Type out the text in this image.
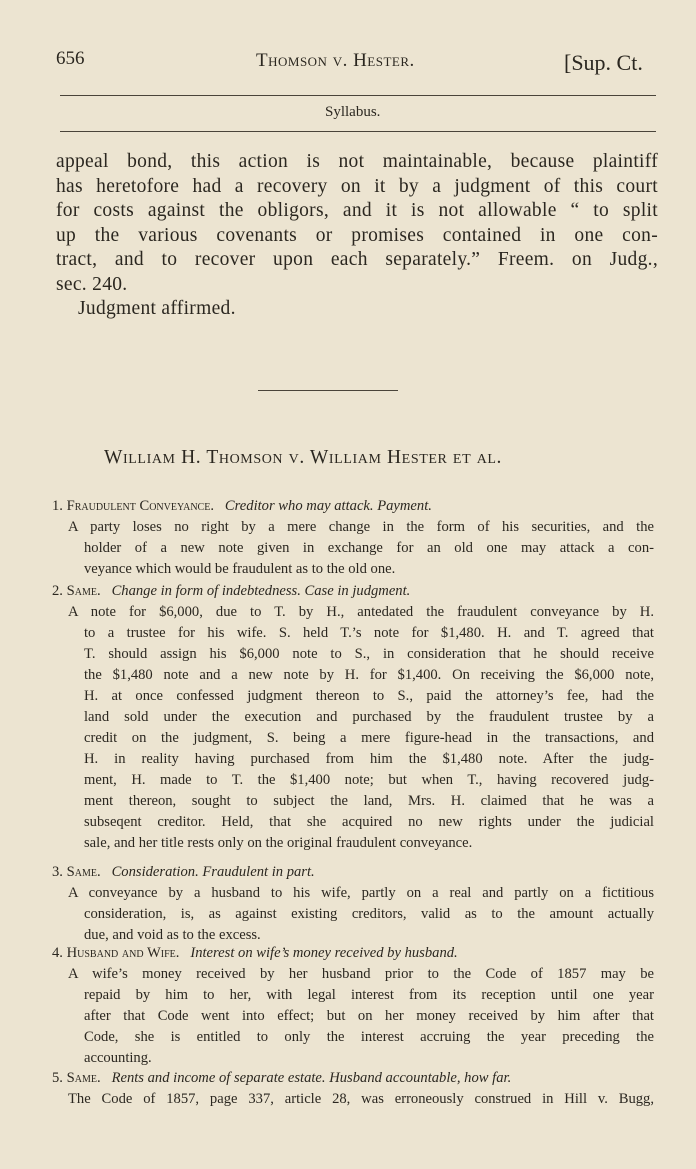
656	Thomson v. Hester.	[Sup. Ct.
Syllabus.
appeal bond, this action is not maintainable, because plaintiff
has heretofore had a recovery on it by a judgment of this court
for costs against the obligors, and it is not allowable “ to split
up the various covenants or promises contained in one con-
tract, and to recover upon each separately.” Freem. on Judg.,
sec. 240.
Judgment affirmed.
William H. Thomson v. William Hester et al.
1. Fraudulent Conveyance. Creditor who may attack. Payment.
A party loses no right by a mere change in the form of his securities, and the
holder of a new note given in exchange for an old one may attack a con-
veyance which would be fraudulent as to the old one.
2. Same. Change in form of indebtedness. Case in judgment.
A note for $6,000, due to T. by H., antedated the fraudulent conveyance by H.
to a trustee for his wife. S. held T.’s note for $1,480. H. and T. agreed that
T. should assign his $6,000 note to S., in consideration that he should receive
the $1,480 note and a new note by H. for $1,400. On receiving the $6,000 note,
H. at once confessed judgment thereon to S., paid the attorney’s fee, had the
land sold under the execution and purchased by the fraudulent trustee by a
credit on the judgment, S. being a mere figure-head in the transactions, and
H. in reality having purchased from him the $1,480 note. After the judg-
ment, H. made to T. the $1,400 note; but when T., having recovered judg-
ment thereon, sought to subject the land, Mrs. H. claimed that he was a
subseqent creditor. Held, that she acquired no new rights under the judicial
sale, and her title rests only on the original fraudulent conveyance.
3. Same. Consideration. Fraudulent in part.
A conveyance by a husband to his wife, partly on a real and partly on a fictitious
consideration, is, as against existing creditors, valid as to the amount actually
due, and void as to the excess.
4. Husband and Wife. Interest on wife’s money received by husband.
A wife’s money received by her husband prior to the Code of 1857 may be
repaid by him to her, with legal interest from its reception until one year
after that Code went into effect; but on her money received by him after that
Code, she is entitled to only the interest accruing the year preceding the
accounting.
5. Same. Rents and income of separate estate. Husband accountable, how far.
The Code of 1857, page 337, article 28, was erroneously construed in Hill v. Bugg,
